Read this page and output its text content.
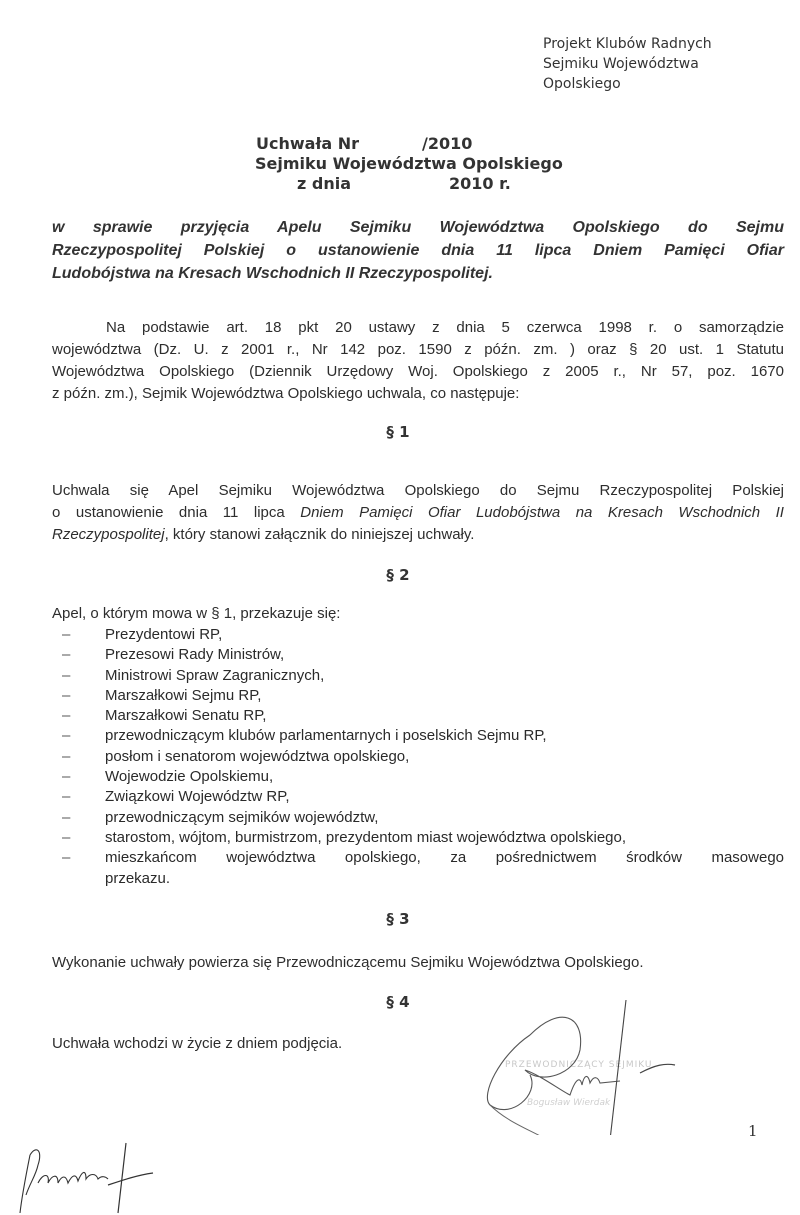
Projekt Klubów Radnych
Sejmiku Województwa
Opolskiego
Uchwała Nr	/2010
Sejmiku Województwa Opolskiego
z dnia	2010 r.
w sprawie przyjęcia Apelu Sejmiku Województwa Opolskiego do Sejmu
Rzeczypospolitej Polskiej o ustanowienie dnia 11 lipca Dniem Pamięci Ofiar
Ludobójstwa na Kresach Wschodnich II Rzeczypospolitej.
Na podstawie art. 18 pkt 20 ustawy z dnia 5 czerwca 1998 r. o samorządzie
województwa (Dz. U. z 2001 r., Nr 142 poz. 1590 z późn. zm. ) oraz § 20 ust. 1 Statutu
Województwa Opolskiego (Dziennik Urzędowy Woj. Opolskiego z 2005 r., Nr 57, poz. 1670
z późn. zm.), Sejmik Województwa Opolskiego uchwala, co następuje:
§ 1
Uchwala się Apel Sejmiku Województwa Opolskiego do Sejmu Rzeczypospolitej Polskiej
o ustanowienie dnia 11 lipca Dniem Pamięci Ofiar Ludobójstwa na Kresach Wschodnich II
Rzeczypospolitej, który stanowi załącznik do niniejszej uchwały.
§ 2
Apel, o którym mowa w § 1, przekazuje się:
– Prezydentowi RP,
– Prezesowi Rady Ministrów,
– Ministrowi Spraw Zagranicznych,
– Marszałkowi Sejmu RP,
– Marszałkowi Senatu RP,
– przewodniczącym klubów parlamentarnych i poselskich Sejmu RP,
– posłom i senatorom województwa opolskiego,
– Wojewodzie Opolskiemu,
– Związkowi Województw RP,
– przewodniczącym sejmików województw,
– starostom, wójtom, burmistrzom, prezydentom miast województwa opolskiego,
– mieszkańcom województwa opolskiego, za pośrednictwem środków masowego
przekazu.
§ 3
Wykonanie uchwały powierza się Przewodniczącemu Sejmiku Województwa Opolskiego.
§ 4
Uchwała wchodzi w życie z dniem podjęcia.
PRZEWODNICZĄCY SEJMIKU
Bogusław Wierdak
1
